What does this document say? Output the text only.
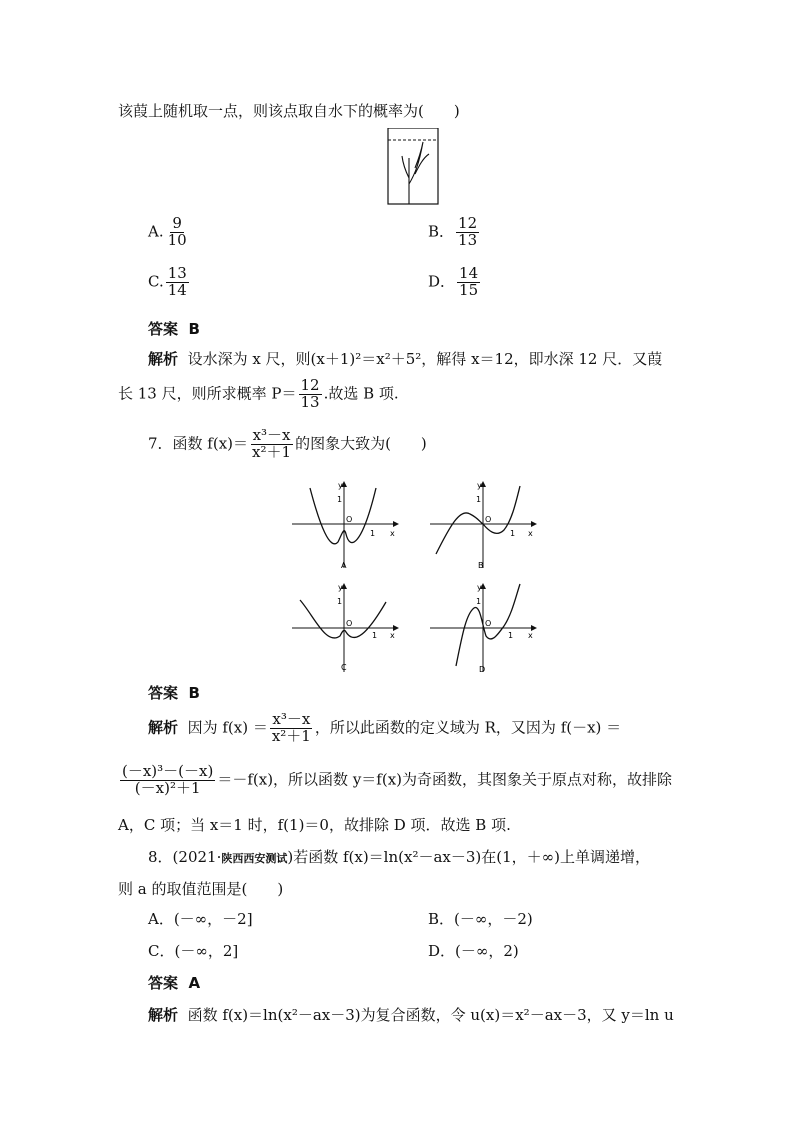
该葭上随机取一点，则该点取自水下的概率为(　　)
A. $\frac{9}{10}$	B． $\frac{12}{13}$
C. $\frac{13}{14}$	D． $\frac{14}{15}$
答案 B
解析 设水深为 x 尺，则(x＋1)²＝x²＋5²，解得 x＝12，即水深 12 尺．又葭
长 13 尺，则所求概率 $P= \frac{12}{13}$ .故选 B 项.
7．函数 $f(x)= \frac{\text{x³－x}}{\text{x²＋1}}$ 的图象大致为(　　)
y
1
O
1 x
A
y
1
O
1 x
B
y
1
O
1 x
C
y
1
O
1 x
D
答案 B
解析 因为 $f(x) = \frac{\text{x³－x}}{\text{x²＋1}}$ ，所以此函数的定义域为 R，又因为 f(－x) ＝
$\frac{\text{(－x)³－(－x)}}{\text{(－x)²＋1}} =-f(x)$，所以函数 y＝f(x)为奇函数，其图象关于原点对称，故排除
A，C 项；当 x＝1 时，f(1)＝0，故排除 D 项．故选 B 项.
8．(2021·陕西西安测试)若函数 f(x)＝ln(x²－ax－3)在(1，＋∞)上单调递增，
则 a 的取值范围是(　　)
A．(－∞，－2]	B．(－∞，－2)
C．(－∞，2]	D．(－∞，2)
答案 A
解析 函数 f(x)＝ln(x²－ax－3)为复合函数，令 u(x)＝x²－ax－3，又 y＝ln u
